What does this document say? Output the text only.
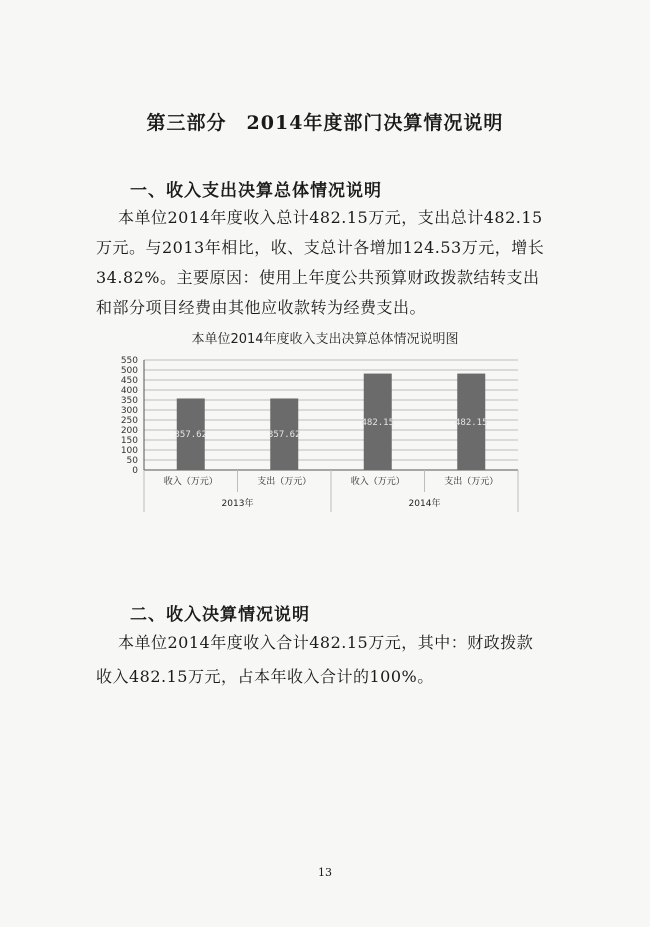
第三部分　2014年度部门决算情况说明
一、收入支出决算总体情况说明
本单位2014年度收入总计482.15万元，支出总计482.15
万元。与2013年相比，收、支总计各增加124.53万元，增长
34.82%。主要原因：使用上年度公共预算财政拨款结转支出
和部分项目经费由其他应收款转为经费支出。
本单位2014年度收入支出决算总体情况说明图
0
50
100
150
200
250
300
350
400
450
500
550
357.62
收入（万元）
357.62
支出（万元）
482.15
收入（万元）
482.15
支出（万元）
2013年	2014年
二、收入决算情况说明
本单位2014年度收入合计482.15万元，其中：财政拨款
收入482.15万元，占本年收入合计的100%。
13
